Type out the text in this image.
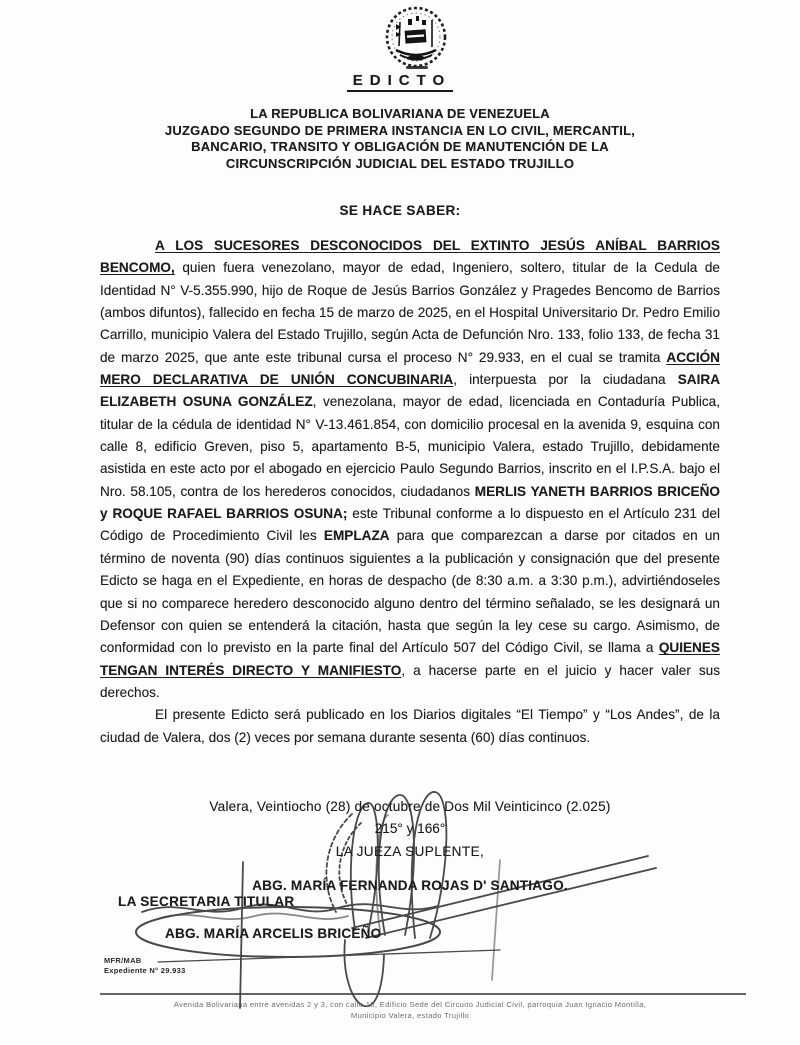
EDICTO
LA REPUBLICA BOLIVARIANA DE VENEZUELA
JUZGADO SEGUNDO DE PRIMERA INSTANCIA EN LO CIVIL, MERCANTIL,
BANCARIO, TRANSITO Y OBLIGACIÓN DE MANUTENCIÓN DE LA
CIRCUNSCRIPCIÓN JUDICIAL DEL ESTADO TRUJILLO
SE HACE SABER:

A LOS SUCESORES DESCONOCIDOS DEL EXTINTO JESÚS ANÍBAL BARRIOS BENCOMO, quien fuera venezolano, mayor de edad, Ingeniero, soltero, titular de la Cedula de Identidad N° V-5.355.990, hijo de Roque de Jesús Barrios González y Pragedes Bencomo de Barrios (ambos difuntos), fallecido en fecha 15 de marzo de 2025, en el Hospital Universitario Dr. Pedro Emilio Carrillo, municipio Valera del Estado Trujillo, según Acta de Defunción Nro. 133, folio 133, de fecha 31 de marzo 2025, que ante este tribunal cursa el proceso N° 29.933, en el cual se tramita ACCIÓN MERO DECLARATIVA DE UNIÓN CONCUBINARIA, interpuesta por la ciudadana SAIRA ELIZABETH OSUNA GONZÁLEZ, venezolana, mayor de edad, licenciada en Contaduría Publica, titular de la cédula de identidad N° V-13.461.854, con domicilio procesal en la avenida 9, esquina con calle 8, edificio Greven, piso 5, apartamento B-5, municipio Valera, estado Trujillo, debidamente asistida en este acto por el abogado en ejercicio Paulo Segundo Barrios, inscrito en el I.P.S.A. bajo el Nro. 58.105, contra de los herederos conocidos, ciudadanos MERLIS YANETH BARRIOS BRICEÑO y ROQUE RAFAEL BARRIOS OSUNA; este Tribunal conforme a lo dispuesto en el Artículo 231 del Código de Procedimiento Civil les EMPLAZA para que comparezcan a darse por citados en un término de noventa (90) días continuos siguientes a la publicación y consignación que del presente Edicto se haga en el Expediente, en horas de despacho (de 8:30 a.m. a 3:30 p.m.), advirtiéndoseles que si no comparece heredero desconocido alguno dentro del término señalado, se les designará un Defensor con quien se entenderá la citación, hasta que según la ley cese su cargo. Asimismo, de conformidad con lo previsto en la parte final del Artículo 507 del Código Civil, se llama a QUIENES TENGAN INTERÉS DIRECTO Y MANIFIESTO, a hacerse parte en el juicio y hacer valer sus derechos.

El presente Edicto será publicado en los Diarios digitales “El Tiempo” y “Los Andes”, de la ciudad de Valera, dos (2) veces por semana durante sesenta (60) días continuos.

Valera, Veintiocho (28) de octubre de Dos Mil Veinticinco (2.025)
215° y 166°
LA JUEZA SUPLENTE,
ABG. MARÍA FERNANDA ROJAS D' SANTIAGO.
LA SECRETARIA TITULAR
ABG. MARÍA ARCELIS BRICEÑO
MFR/MAB
Expediente N° 29.933
Avenida Bolivariana entre avenidas 2 y 3, con calle 18, Edificio Sede del Circuito Judicial Civil, parroquia Juan Ignacio Montilla,
Municipio Valera, estado Trujillo
